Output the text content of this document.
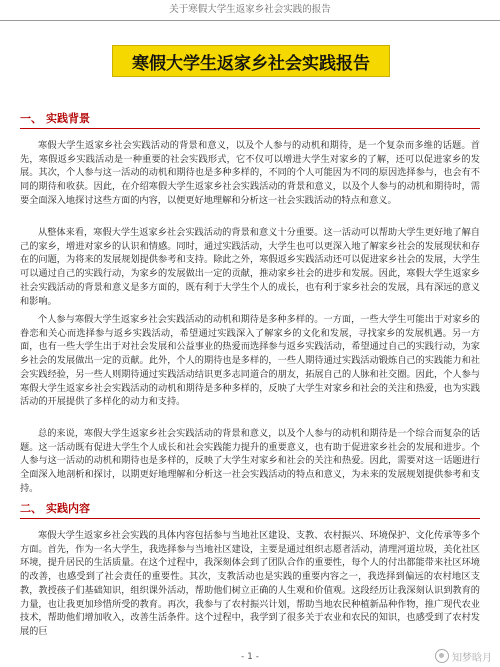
关于寒假大学生返家乡社会实践的报告
寒假大学生返家乡社会实践报告
一、 实践背景

寒假大学生返家乡社会实践活动的背景和意义，以及个人参与的动机和期待，是一个复杂而多维的话题。首先，寒假返乡实践活动是一种重要的社会实践形式，它不仅可以增进大学生对家乡的了解，还可以促进家乡的发展。其次，个人参与这一活动的动机和期待也是多种多样的，不同的个人可能因为不同的原因选择参与，也会有不同的期待和收获。因此，在介绍寒假大学生返家乡社会实践活动的背景和意义，以及个人参与的动机和期待时，需要全面深入地探讨这些方面的内容，以便更好地理解和分析这一社会实践活动的特点和意义。

从整体来看，寒假大学生返家乡社会实践活动的背景和意义十分重要。这一活动可以帮助大学生更好地了解自己的家乡，增进对家乡的认识和情感。同时，通过实践活动，大学生也可以更深入地了解家乡社会的发展现状和存在的问题，为将来的发展规划提供参考和支持。除此之外，寒假返乡实践活动还可以促进家乡社会的发展，大学生可以通过自己的实践行动，为家乡的发展做出一定的贡献，推动家乡社会的进步和发展。因此，寒假大学生返家乡社会实践活动的背景和意义是多方面的，既有利于大学生个人的成长，也有利于家乡社会的发展，具有深远的意义和影响。

个人参与寒假大学生返家乡社会实践活动的动机和期待是多种多样的。一方面，一些大学生可能出于对家乡的眷恋和关心而选择参与返乡实践活动，希望通过实践深入了解家乡的文化和发展，寻找家乡的发展机遇。另一方面，也有一些大学生出于对社会发展和公益事业的热爱而选择参与返乡实践活动，希望通过自己的实践行动，为家乡社会的发展做出一定的贡献。此外，个人的期待也是多样的，一些人期待通过实践活动锻炼自己的实践能力和社会实践经验，另一些人则期待通过实践活动结识更多志同道合的朋友，拓展自己的人脉和社交圈。因此，个人参与寒假大学生返家乡社会实践活动的动机和期待是多种多样的，反映了大学生对家乡和社会的关注和热爱，也为实践活动的开展提供了多样化的动力和支持。

总的来说，寒假大学生返家乡社会实践活动的背景和意义，以及个人参与的动机和期待是一个综合而复杂的话题。这一活动既有促进大学生个人成长和社会实践能力提升的重要意义，也有助于促进家乡社会的发展和进步。个人参与这一活动的动机和期待也是多样的，反映了大学生对家乡和社会的关注和热爱。因此，需要对这一话题进行全面深入地剖析和探讨，以期更好地理解和分析这一社会实践活动的特点和意义，为未来的发展规划提供参考和支持。

二、 实践内容

寒假大学生返家乡社会实践的具体内容包括参与当地社区建设、支教、农村振兴、环境保护、文化传承等多个方面。首先，作为一名大学生，我选择参与当地社区建设，主要是通过组织志愿者活动，清理河道垃圾，美化社区环境，提升居民的生活质量。在这个过程中，我深刻体会到了团队合作的重要性，每个人的付出都能带来社区环境的改善，也感受到了社会责任的重要性。其次，支教活动也是实践的重要内容之一，我选择到偏远的农村地区支教，教授孩子们基础知识，组织课外活动，帮助他们树立正确的人生观和价值观。这段经历让我深刻认识到教育的力量，也让我更加珍惜所受的教育。再次，我参与了农村振兴计划，帮助当地农民种植新品种作物，推广现代农业技术，帮助他们增加收入，改善生活条件。这个过程中，我学到了很多关于农业和农民的知识，也感受到了农村发展的巨

- 1 -	知梦晗月
